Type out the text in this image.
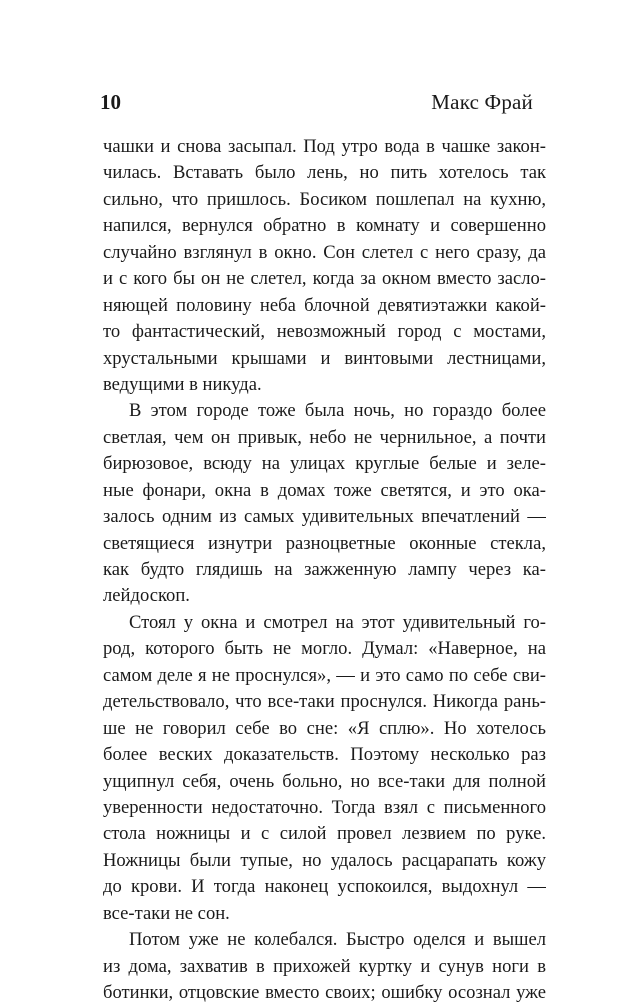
10	Макс Фрай
чашки и снова засыпал. Под утро вода в чашке закон-
чилась. Вставать было лень, но пить хотелось так
сильно, что пришлось. Босиком пошлепал на кухню,
напился, вернулся обратно в комнату и совершенно
случайно взглянул в окно. Сон слетел с него сразу, да
и с кого бы он не слетел, когда за окном вместо засло-
няющей половину неба блочной девятиэтажки какой-
то фантастический, невозможный город с мостами,
хрустальными крышами и винтовыми лестницами,
ведущими в никуда.
В этом городе тоже была ночь, но гораздо более
светлая, чем он привык, небо не чернильное, а почти
бирюзовое, всюду на улицах круглые белые и зеле-
ные фонари, окна в домах тоже светятся, и это ока-
залось одним из самых удивительных впечатлений —
светящиеся изнутри разноцветные оконные стекла,
как будто глядишь на зажженную лампу через ка-
лейдоскоп.
Стоял у окна и смотрел на этот удивительный го-
род, которого быть не могло. Думал: «Наверное, на
самом деле я не проснулся», — и это само по себе сви-
детельствовало, что все-таки проснулся. Никогда рань-
ше не говорил себе во сне: «Я сплю». Но хотелось
более веских доказательств. Поэтому несколько раз
ущипнул себя, очень больно, но все-таки для полной
уверенности недостаточно. Тогда взял с письменного
стола ножницы и с силой провел лезвием по руке.
Ножницы были тупые, но удалось расцарапать кожу
до крови. И тогда наконец успокоился, выдохнул —
все-таки не сон.
Потом уже не колебался. Быстро оделся и вышел
из дома, захватив в прихожей куртку и сунув ноги в
ботинки, отцовские вместо своих; ошибку осознал уже
